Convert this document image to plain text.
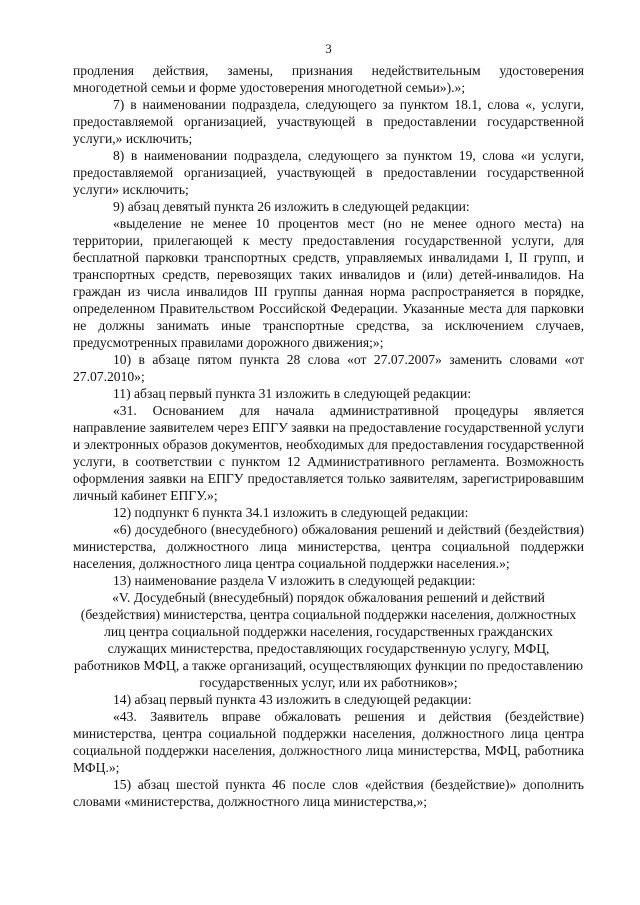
3

продления действия, замены, признания недействительным удостоверения многодетной семьи и форме удостоверения многодетной семьи»).»;

7) в наименовании подраздела, следующего за пунктом 18.1, слова «, услуги, предоставляемой организацией, участвующей в предоставлении государственной услуги,» исключить;

8) в наименовании подраздела, следующего за пунктом 19, слова «и услуги, предоставляемой организацией, участвующей в предоставлении государственной услуги» исключить;

9) абзац девятый пункта 26 изложить в следующей редакции:

«выделение не менее 10 процентов мест (но не менее одного места) на территории, прилегающей к месту предоставления государственной услуги, для бесплатной парковки транспортных средств, управляемых инвалидами I, II групп, и транспортных средств, перевозящих таких инвалидов и (или) детей-инвалидов. На граждан из числа инвалидов III группы данная норма распространяется в порядке, определенном Правительством Российской Федерации. Указанные места для парковки не должны занимать иные транспортные средства, за исключением случаев, предусмотренных правилами дорожного движения;»;

10) в абзаце пятом пункта 28 слова «от 27.07.2007» заменить словами «от 27.07.2010»;

11) абзац первый пункта 31 изложить в следующей редакции:

«31. Основанием для начала административной процедуры является направление заявителем через ЕПГУ заявки на предоставление государственной услуги и электронных образов документов, необходимых для предоставления государственной услуги, в соответствии с пунктом 12 Административного регламента. Возможность оформления заявки на ЕПГУ предоставляется только заявителям, зарегистрировавшим личный кабинет ЕПГУ.»;

12) подпункт 6 пункта 34.1 изложить в следующей редакции:

«6) досудебного (внесудебного) обжалования решений и действий (бездействия) министерства, должностного лица министерства, центра социальной поддержки населения, должностного лица центра социальной поддержки населения.»;

13) наименование раздела V изложить в следующей редакции:

«V. Досудебный (внесудебный) порядок обжалования решений и действий (бездействия) министерства, центра социальной поддержки населения, должностных лиц центра социальной поддержки населения, государственных гражданских служащих министерства, предоставляющих государственную услугу, МФЦ, работников МФЦ, а также организаций, осуществляющих функции по предоставлению государственных услуг, или их работников»;

14) абзац первый пункта 43 изложить в следующей редакции:

«43. Заявитель вправе обжаловать решения и действия (бездействие) министерства, центра социальной поддержки населения, должностного лица центра социальной поддержки населения, должностного лица министерства, МФЦ, работника МФЦ.»;

15) абзац шестой пункта 46 после слов «действия (бездействие)» дополнить словами «министерства, должностного лица министерства,»;
